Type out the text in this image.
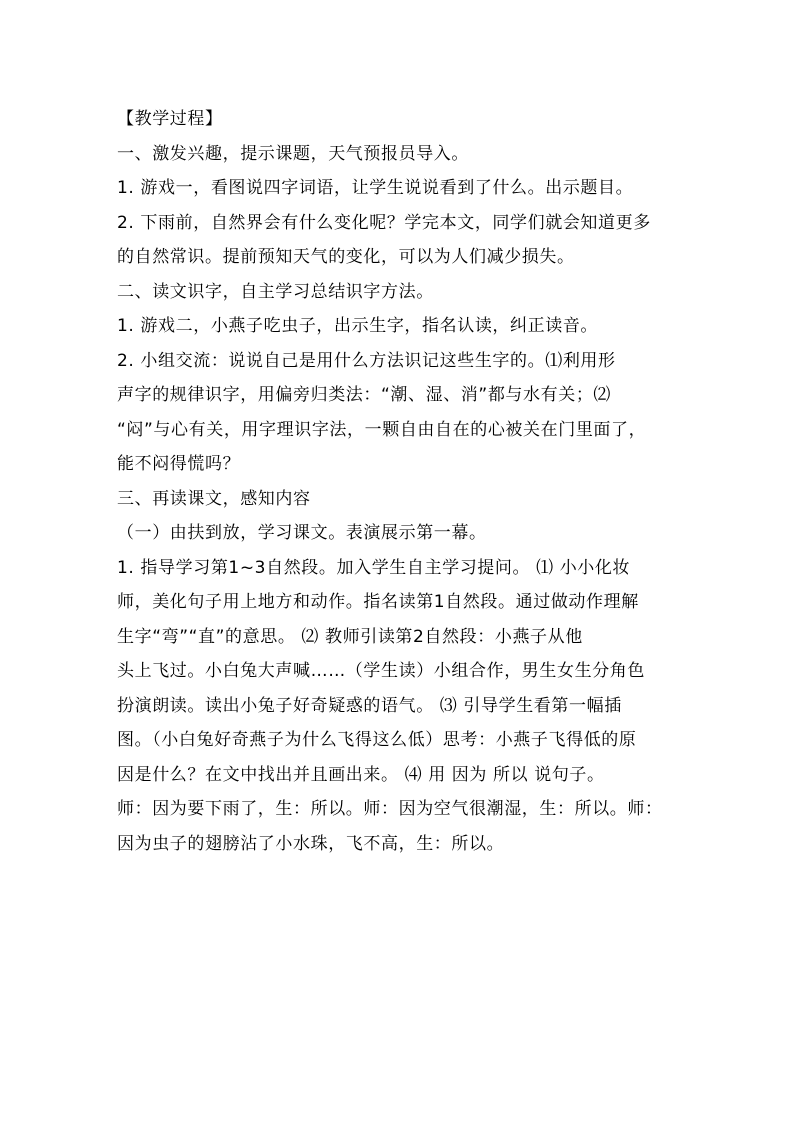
【教学过程】

一、激发兴趣，提示课题，天气预报员导入。

1. 游戏一，看图说四字词语，让学生说说看到了什么。出示题目。

2. 下雨前，自然界会有什么变化呢？学完本文，同学们就会知道更多

的自然常识。提前预知天气的变化，可以为人们减少损失。

二、读文识字，自主学习总结识字方法。

1. 游戏二，小燕子吃虫子，出示生字，指名认读，纠正读音。

2. 小组交流：说说自己是用什么方法识记这些生字的。⑴利用形

声字的规律识字，用偏旁归类法：“潮、湿、消”都与水有关；⑵

“闷”与心有关，用字理识字法，一颗自由自在的心被关在门里面了，

能不闷得慌吗？

三、再读课文，感知内容

（一）由扶到放，学习课文。表演展示第一幕。

1. 指导学习第1~3自然段。加入学生自主学习提问。 ⑴ 小小化妆

师，美化句子用上地方和动作。指名读第1自然段。通过做动作理解

生字“弯”“直”的意思。 ⑵ 教师引读第2自然段：小燕子从他

头上飞过。小白兔大声喊……（学生读）小组合作，男生女生分角色

扮演朗读。读出小兔子好奇疑惑的语气。 ⑶ 引导学生看第一幅插

图。（小白兔好奇燕子为什么飞得这么低）思考：小燕子飞得低的原

因是什么？在文中找出并且画出来。 ⑷ 用 因为 所以 说句子。

师：因为要下雨了，生：所以。师：因为空气很潮湿，生：所以。师：

因为虫子的翅膀沾了小水珠，飞不高，生：所以。
